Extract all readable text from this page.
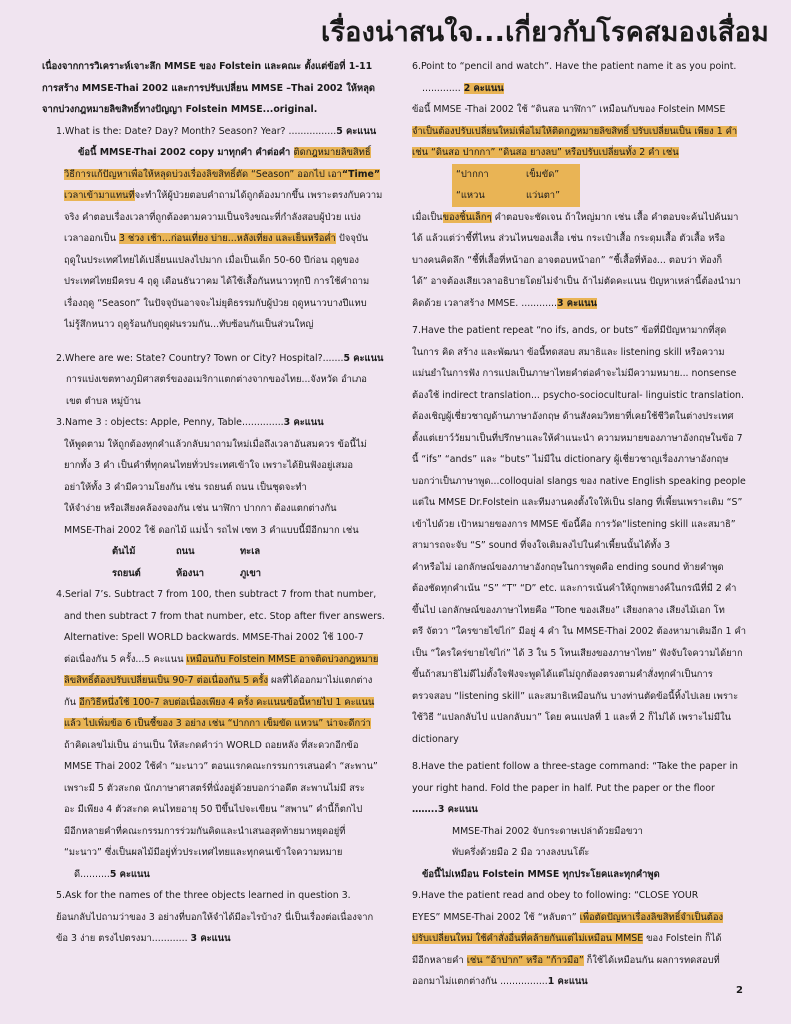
เรื่องน่าสนใจ...เกี่ยวกับโรคสมองเสื่อม
เนื่องจากการวิเคราะห์เจาะลึก MMSE ของ Folstein และคณะ ตั้งแต่ข้อที่ 1-11
การสร้าง MMSE-Thai 2002 และการปรับเปลี่ยน MMSE –Thai 2002 ให้หลุด
จากบ่วงกฎหมายลิขสิทธิ์ทางปัญญา Folstein MMSE...original.
1.What is the: Date? Day? Month? Season? Year? ................5 คะแนน
ข้อนี้ MMSE-Thai 2002 copy มาทุกคำ คำต่อคำ ติดกฎหมายลิขสิทธิ์
วิธีการแก้ปัญหาเพื่อให้หลุดบ่วงเรื่องลิขสิทธิ์ตัด “Season” ออกไป เอา“Time”
เวลาเข้ามาแทนที่จะทำให้ผู้ป่วยตอบคำถามได้ถูกต้องมากขึ้น เพราะตรงกับความ
จริง คำตอบเรื่องเวลาที่ถูกต้องตามความเป็นจริงขณะที่กำลังสอบผู้ป่วย แบ่ง
เวลาออกเป็น 3 ช่วง เช้า...ก่อนเที่ยง บ่าย...หลังเที่ยง และเย็นหรือค่ำ ปัจจุบัน
ฤดูในประเทศไทยได้เปลี่ยนแปลงไปมาก เมื่อเป็นเด็ก 50-60 ปีก่อน ฤดูของ
ประเทศไทยมีครบ 4 ฤดู เดือนธันวาคม ได้ใช้เสื้อกันหนาวทุกปี การใช้คำถาม
เรื่องฤดู “Season” ในปัจจุบันอาจจะไม่ยุติธรรมกับผู้ป่วย ฤดูหนาวบางปีแทบ
ไม่รู้สึกหนาว ฤดูร้อนกับฤดูฝนรวมกัน...ทับซ้อนกันเป็นส่วนใหญ่
2.Where are we: State? Country? Town or City? Hospital?.......5 คะแนน
การแบ่งเขตทางภูมิศาสตร์ของอเมริกาแตกต่างจากของไทย...จังหวัด อำเภอ
เขต ตำบล หมู่บ้าน
3.Name 3 : objects: Apple, Penny, Table..............3 คะแนน
ให้พูดตาม ให้ถูกต้องทุกคำแล้วกลับมาถามใหม่เมื่อถึงเวลาอันสมควร ข้อนี้ไม่
ยากทั้ง 3 คำ เป็นคำที่ทุกคนไทยทั่วประเทศเข้าใจ เพราะได้ยินฟังอยู่เสมอ
อย่าให้ทั้ง 3 คำมีความโยงกัน เช่น รถยนต์ ถนน เป็นชุดจะทำ
ให้จำง่าย หรือเสียงคล้องจองกัน เช่น นาฬิกา ปากกา ต้องแตกต่างกัน
MMSE-Thai 2002 ใช้ ดอกไม้ แม่น้ำ รถไฟ เซท 3 คำแบบนี้มีอีกมาก เช่น
ต้นไม้	ถนน	ทะเล
รถยนต์	ห้องนา	ภูเขา
4.Serial 7’s. Subtract 7 from 100, then subtract 7 from that number,
and then subtract 7 from that number, etc. Stop after fiver answers.
Alternative: Spell WORLD backwards. MMSE-Thai 2002 ใช้ 100-7
ต่อเนื่องกัน 5 ครั้ง...5 คะแนน เหมือนกับ Folstein MMSE อาจติดบ่วงกฎหมาย
ลิขสิทธิ์ต้องปรับเปลี่ยนเป็น 90-7 ต่อเนื่องกัน 5 ครั้ง ผลที่ได้ออกมาไม่แตกต่าง
กัน อีกวิธีหนึ่งใช้ 100-7 ลบต่อเนื่องเพียง 4 ครั้ง คะแนนข้อนี้หายไป 1 คะแนน
แล้ว ไปเพิ่มข้อ 6 เป็นชี้ของ 3 อย่าง เช่น “ปากกา เข็มขัด แหวน” น่าจะดีกว่า
ถ้าคิดเลขไม่เป็น อ่านเป็น ให้สะกดคำว่า WORLD ถอยหลัง ที่สะดวกอีกข้อ
MMSE Thai 2002 ใช้คำ “มะนาว” ตอนแรกคณะกรรมการเสนอคำ “สะพาน”
เพราะมี 5 ตัวสะกด นักภาษาศาสตร์ที่นั่งอยู่ด้วยบอกว่าอดีต สะพานไม่มี สระ
อะ มีเพียง 4 ตัวสะกด คนไทยอายุ 50 ปีขึ้นไปจะเขียน “สพาน” คำนี้ก็ตกไป
มีอีกหลายคำที่คณะกรรมการร่วมกันคิดและนำเสนอสุดท้ายมาหยุดอยู่ที่
“มะนาว” ซึ่งเป็นผลไม้มีอยู่ทั่วประเทศไทยและทุกคนเข้าใจความหมาย
ดี..........5 คะแนน
5.Ask for the names of the three objects learned in question 3.
ย้อนกลับไปถามว่าของ 3 อย่างที่บอกให้จำได้มีอะไรบ้าง? นี่เป็นเรื่องต่อเนื่องจาก
ข้อ 3 ง่าย ตรงไปตรงมา............ 3 คะแนน
6.Point to “pencil and watch”. Have the patient name it as you point.
............. 2 คะแนน
ข้อนี้ MMSE -Thai 2002 ใช้ “ดินสอ นาฬิกา” เหมือนกับของ Folstein MMSE
จำเป็นต้องปรับเปลี่ยนใหม่เพื่อไม่ให้ติดกฎหมายลิขสิทธิ์ ปรับเปลี่ยนเป็น เพียง 1 คำ
เช่น “ดินสอ ปากกา” “ดินสอ ยางลบ” หรือปรับเปลี่ยนทั้ง 2 คำ เช่น
“ปากกา	เข็มขัด”
“แหวน	แว่นตา”
เมื่อเป็นของชิ้นเล็กๆ คำตอบจะชัดเจน ถ้าใหญ่มาก เช่น เสื้อ คำตอบจะค้นไปค้นมา
ได้ แล้วแต่ว่าชี้ที่ไหน ส่วนไหนของเสื้อ เช่น กระเป๋าเสื้อ กระดุมเสื้อ ตัวเสื้อ หรือ
บางคนคิดลึก “ชี้ที่เสื้อที่หน้าอก อาจตอบหน้าอก” “ชี้เสื้อที่ท้อง... ตอบว่า ท้องก็
ได้” อาจต้องเสียเวลาอธิบายโดยไม่จำเป็น ถ้าไม่ตัดคะแนน ปัญหาเหล่านี้ต้องนำมา
คิดด้วย เวลาสร้าง MMSE. ............3 คะแนน
7.Have the patient repeat “no ifs, ands, or buts” ข้อที่มีปัญหามากที่สุด
ในการ คิด สร้าง และพัฒนา ข้อนี้ทดสอบ สมาธิและ listening skill หรือความ
แม่นยำในการฟัง การแปลเป็นภาษาไทยคำต่อคำจะไม่มีความหมาย... nonsense
ต้องใช้ indirect translation... psycho-sociocultural- linguistic translation.
ต้องเชิญผู้เชี่ยวชาญด้านภาษาอังกฤษ ด้านสังคมวิทยาที่เคยใช้ชีวิตในต่างประเทศ
ตั้งแต่เยาว์วัยมาเป็นที่ปรึกษาและให้คำแนะนำ ความหมายของภาษาอังกฤษในข้อ 7
นี้ “ifs” “ands” และ “buts” ไม่มีใน dictionary ผู้เชี่ยวชาญเรื่องภาษาอังกฤษ
บอกว่าเป็นภาษาพูด...colloquial slangs ของ native English speaking people
แต่ใน MMSE Dr.Folstein และทีมงานคงตั้งใจให้เป็น slang ที่เพี้ยนเพราะเติม “S”
เข้าไปด้วย เป้าหมายของการ MMSE ข้อนี้คือ การวัด“listening skill และสมาธิ”
สามารถจะจับ “S” sound ที่จงใจเติมลงไปในคำเพี้ยนนั้นได้ทั้ง 3
คำหรือไม่ เอกลักษณ์ของภาษาอังกฤษในการพูดคือ ending sound ท้ายคำพูด
ต้องชัดทุกคำเน้น “S” “T” “D” etc. และการเน้นคำให้ถูกพยางค์ในกรณีที่มี 2 คำ
ขึ้นไป เอกลักษณ์ของภาษาไทยคือ “Tone ของเสียง” เสียงกลาง เสียงไม้เอก โท
ตรี จัตวา “ใครขายไข่ไก่” มีอยู่ 4 คำ ใน MMSE-Thai 2002 ต้องหามาเติมอีก 1 คำ
เป็น “ใครใคร่ขายไข่ไก่” ได้ 3 ใน 5 โทนเสียงของภาษาไทย” ฟังจับใจความได้ยาก
ขึ้นถ้าสมาธิไม่ดีไม่ตั้งใจฟังจะพูดได้แต่ไม่ถูกต้องตรงตามคำสั่งทุกคำเป็นการ
ตรวจสอบ “listening skill” และสมาธิเหมือนกัน บางท่านตัดข้อนี้ทิ้งไปเลย เพราะ
ใช้วิธี “แปลกลับไป แปลกลับมา” โดย คนแปลที่ 1 และที่ 2 ก็ไม่ได้ เพราะไม่มีใน
dictionary
8.Have the patient follow a three-stage command: “Take the paper in
your right hand. Fold the paper in half. Put the paper or the floor
……..3 คะแนน
MMSE-Thai 2002 จับกระดาษเปล่าด้วยมือขวา
พับครึ่งด้วยมือ 2 มือ วางลงบนโต๊ะ
ข้อนี้ไม่เหมือน Folstein MMSE ทุกประโยคและทุกคำพูด
9.Have the patient read and obey to following: “CLOSE YOUR
EYES” MMSE-Thai 2002 ใช้ “หลับตา” เพื่อตัดปัญหาเรื่องลิขสิทธิ์จำเป็นต้อง
ปรับเปลี่ยนใหม่ ใช้คำสั่งอื่นที่คล้ายกันแต่ไม่เหมือน MMSE ของ Folstein ก็ได้
มีอีกหลายคำ เช่น “อ้าปาก” หรือ “ก้าวมือ” ก็ใช้ได้เหมือนกัน ผลการทดสอบที่
ออกมาไม่แตกต่างกัน ................1 คะแนน
2
